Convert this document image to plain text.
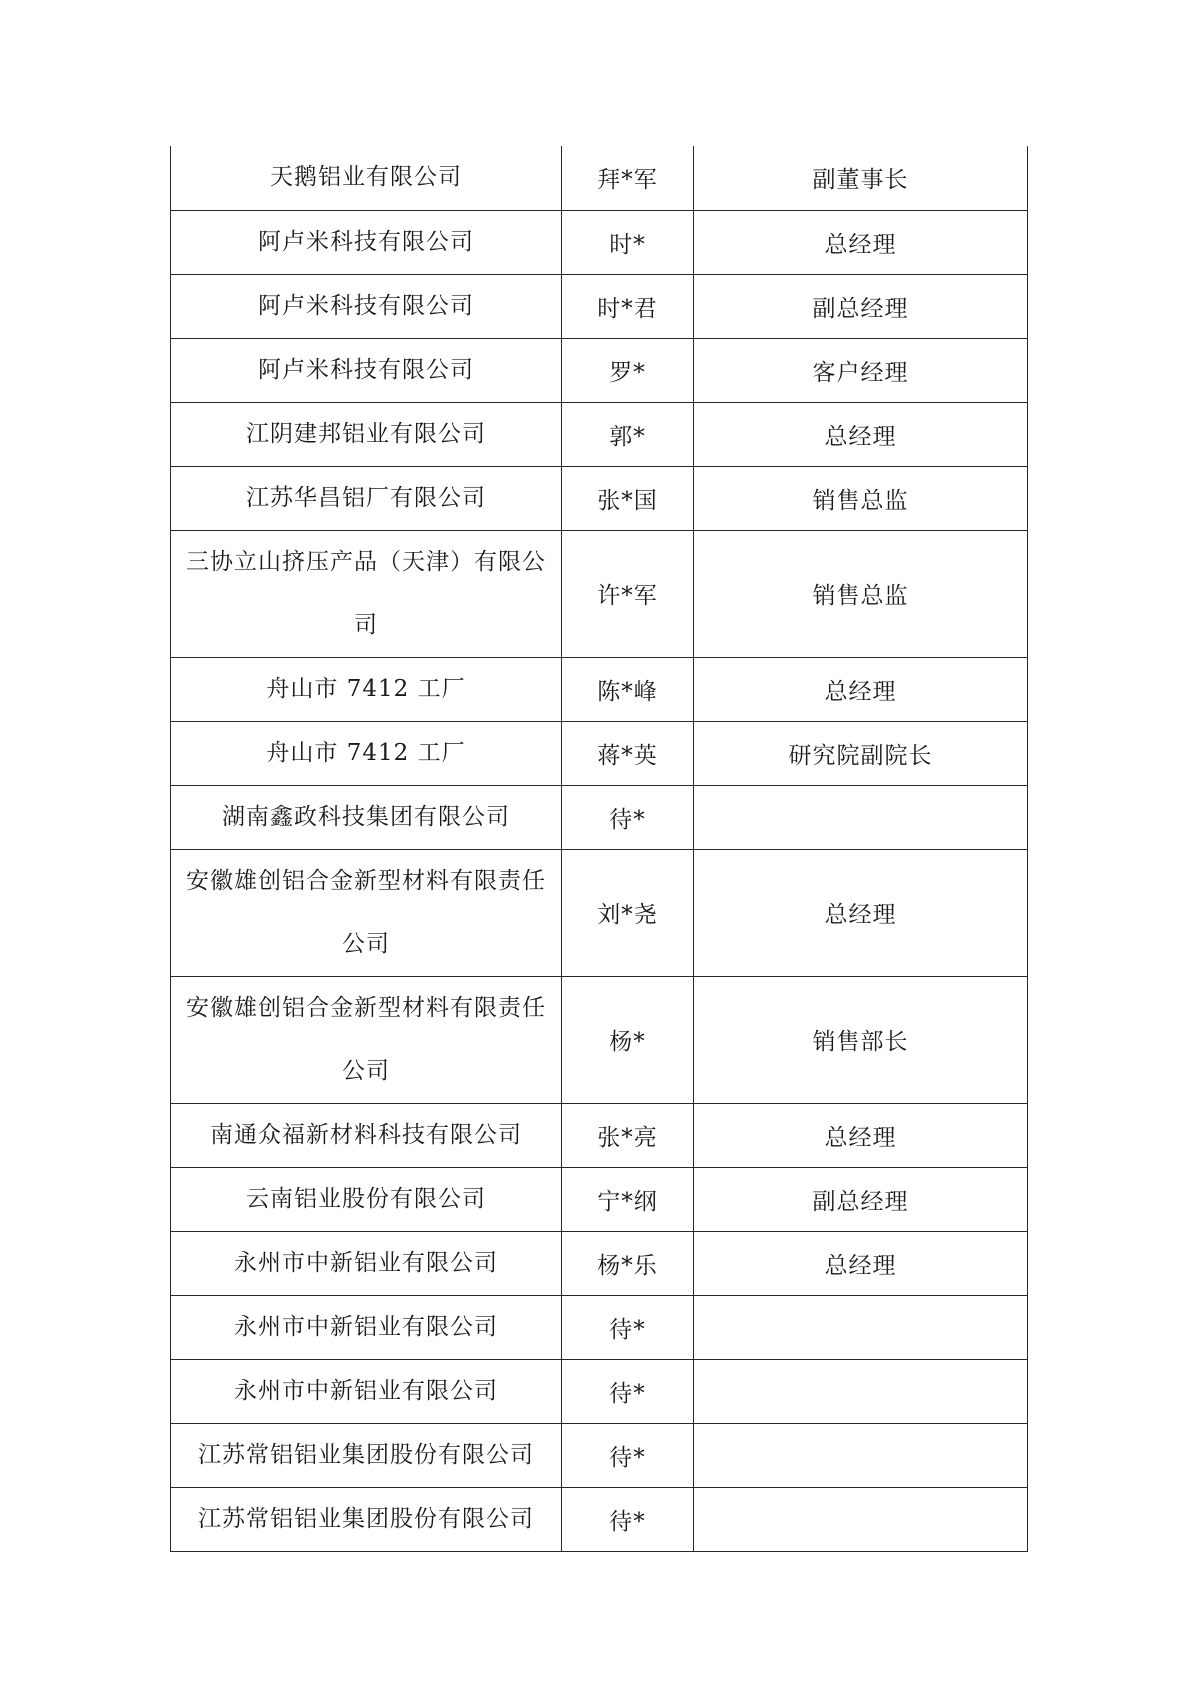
天鹅铝业有限公司	拜*军	副董事长
阿卢米科技有限公司	时*	总经理
阿卢米科技有限公司	时*君	副总经理
阿卢米科技有限公司	罗*	客户经理
江阴建邦铝业有限公司	郭*	总经理
江苏华昌铝厂有限公司	张*国	销售总监
三协立山挤压产品（天津）有限公司	许*军	销售总监
舟山市 7412 工厂	陈*峰	总经理
舟山市 7412 工厂	蒋*英	研究院副院长
湖南鑫政科技集团有限公司	待*	
安徽雄创铝合金新型材料有限责任公司	刘*尧	总经理
安徽雄创铝合金新型材料有限责任公司	杨*	销售部长
南通众福新材料科技有限公司	张*亮	总经理
云南铝业股份有限公司	宁*纲	副总经理
永州市中新铝业有限公司	杨*乐	总经理
永州市中新铝业有限公司	待*	
永州市中新铝业有限公司	待*	
江苏常铝铝业集团股份有限公司	待*	
江苏常铝铝业集团股份有限公司	待*	
